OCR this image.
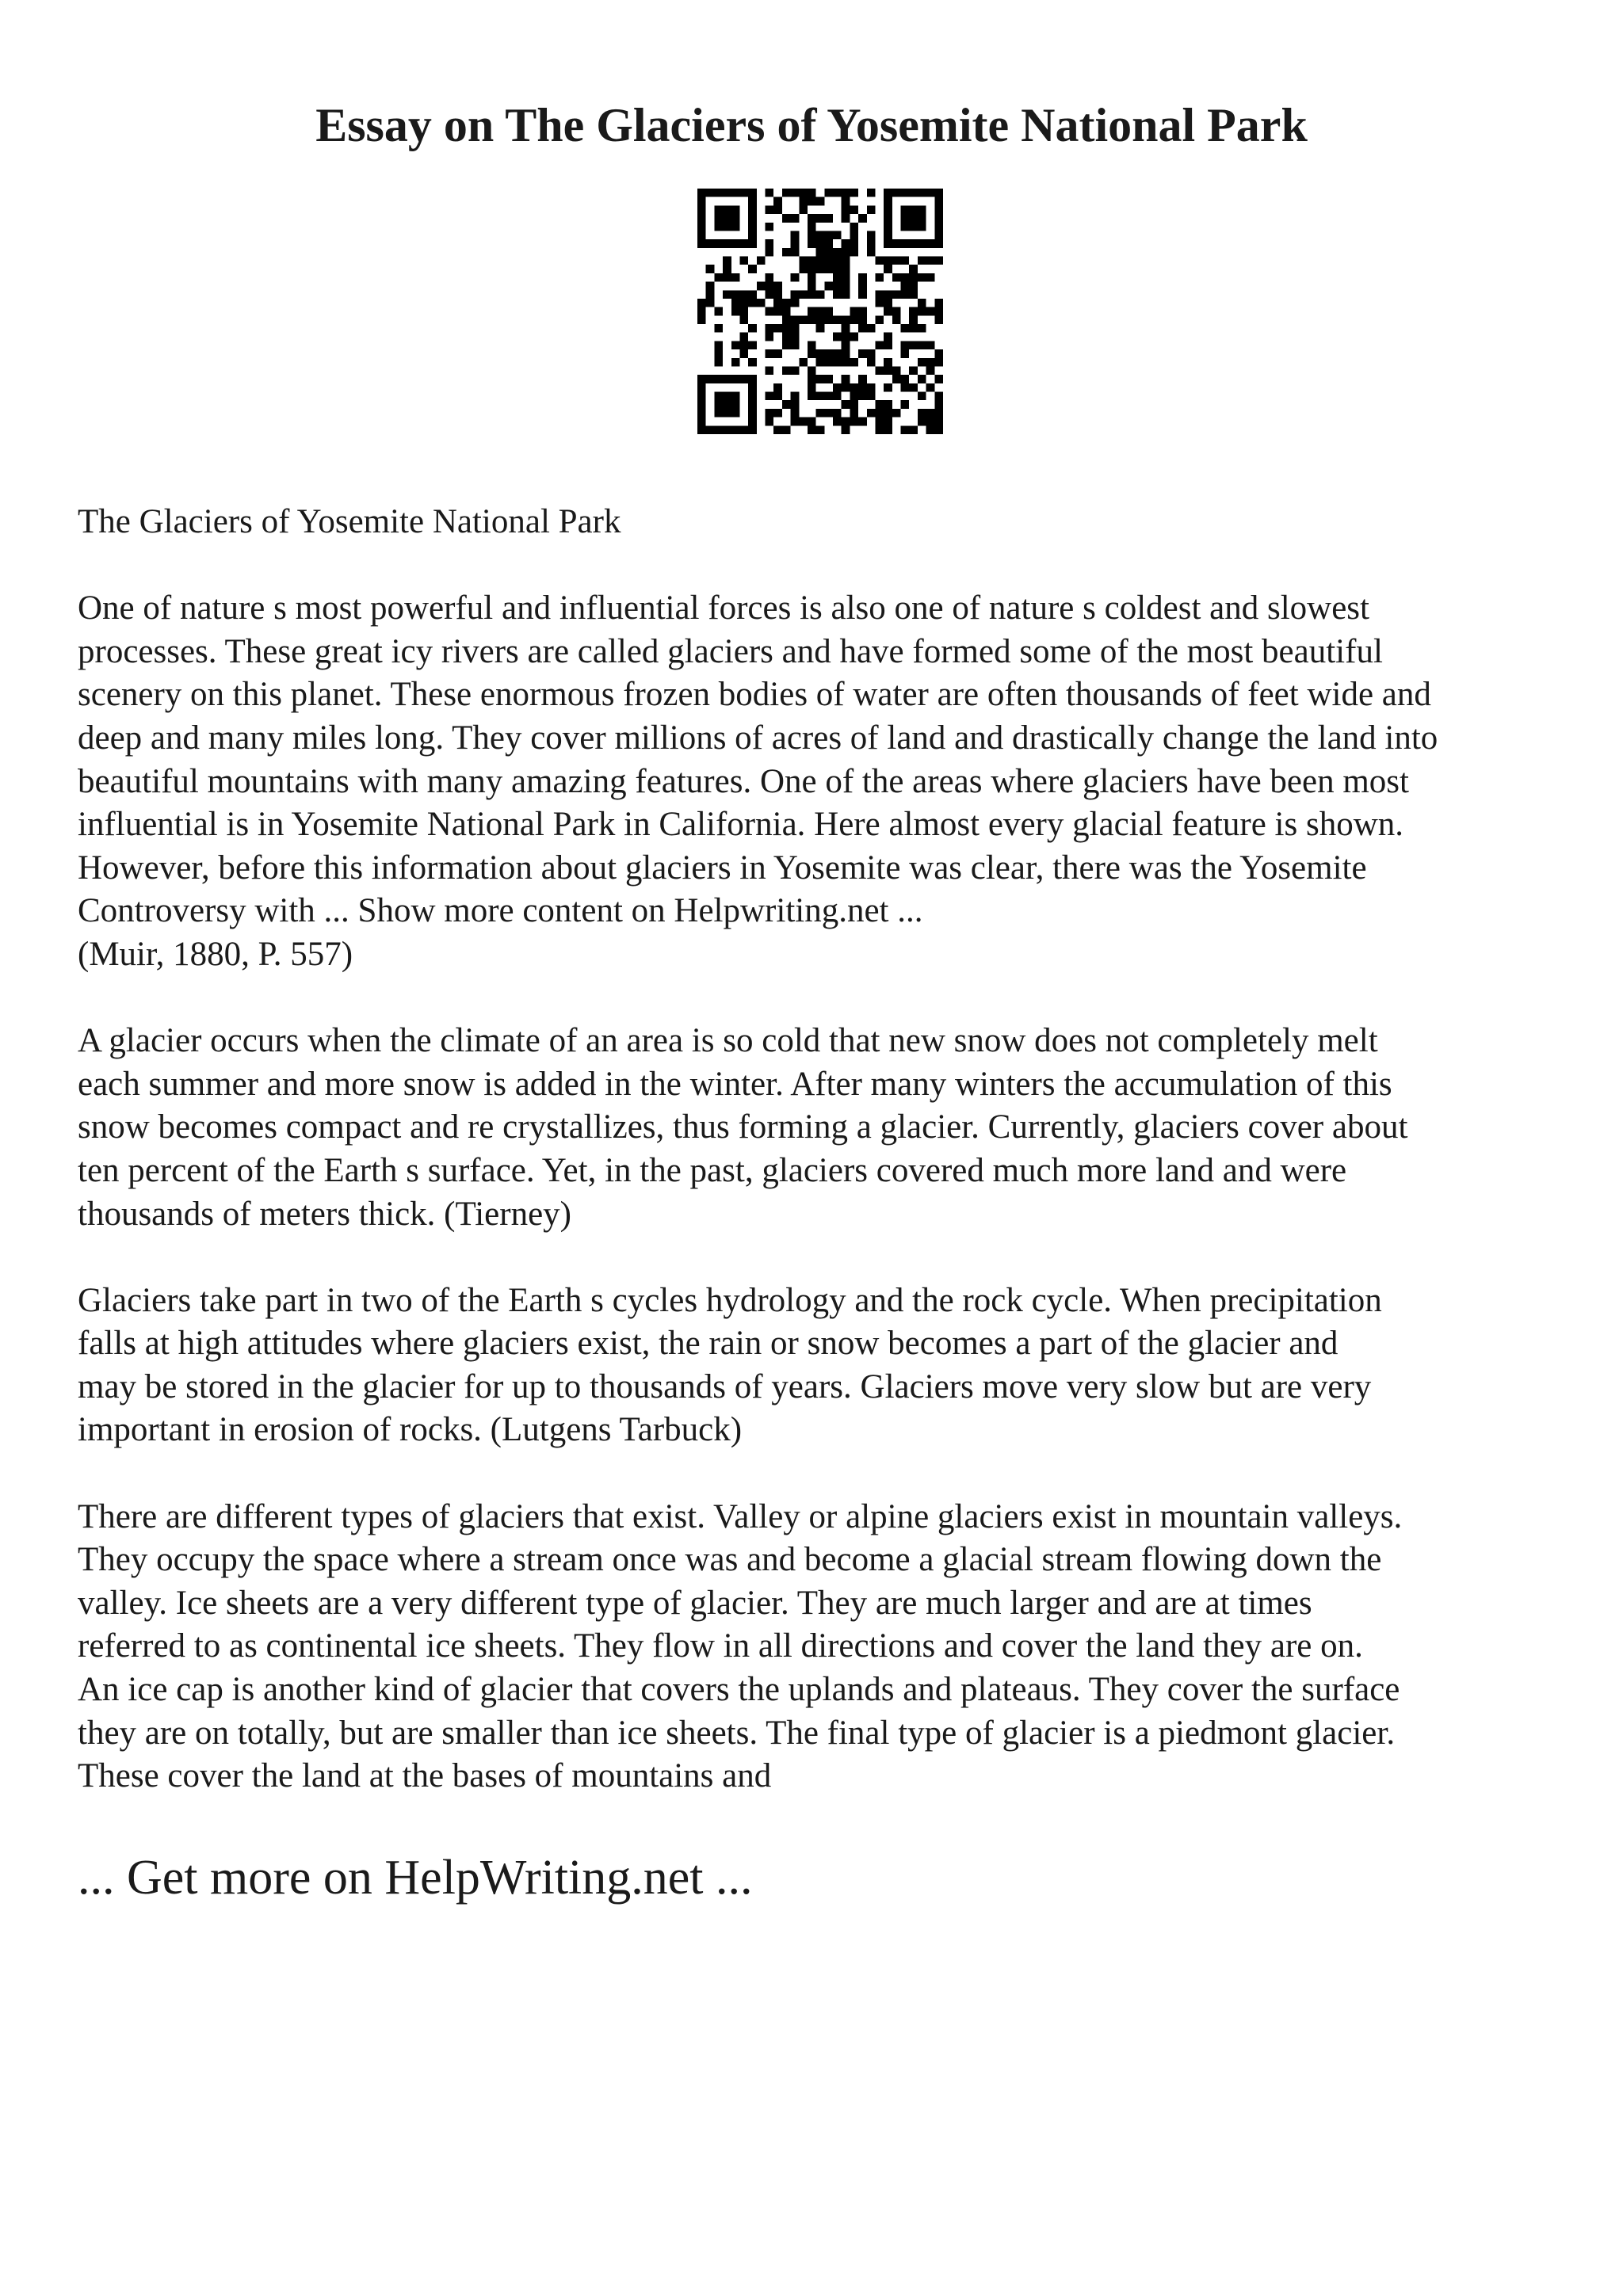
Essay on The Glaciers of Yosemite National Park

The Glaciers of Yosemite National Park

One of nature s most powerful and influential forces is also one of nature s coldest and slowest
processes. These great icy rivers are called glaciers and have formed some of the most beautiful
scenery on this planet. These enormous frozen bodies of water are often thousands of feet wide and
deep and many miles long. They cover millions of acres of land and drastically change the land into
beautiful mountains with many amazing features. One of the areas where glaciers have been most
influential is in Yosemite National Park in California. Here almost every glacial feature is shown.
However, before this information about glaciers in Yosemite was clear, there was the Yosemite
Controversy with ... Show more content on Helpwriting.net ...
(Muir, 1880, P. 557)

A glacier occurs when the climate of an area is so cold that new snow does not completely melt
each summer and more snow is added in the winter. After many winters the accumulation of this
snow becomes compact and re crystallizes, thus forming a glacier. Currently, glaciers cover about
ten percent of the Earth s surface. Yet, in the past, glaciers covered much more land and were
thousands of meters thick. (Tierney)

Glaciers take part in two of the Earth s cycles hydrology and the rock cycle. When precipitation
falls at high attitudes where glaciers exist, the rain or snow becomes a part of the glacier and
may be stored in the glacier for up to thousands of years. Glaciers move very slow but are very
important in erosion of rocks. (Lutgens Tarbuck)

There are different types of glaciers that exist. Valley or alpine glaciers exist in mountain valleys.
They occupy the space where a stream once was and become a glacial stream flowing down the
valley. Ice sheets are a very different type of glacier. They are much larger and are at times
referred to as continental ice sheets. They flow in all directions and cover the land they are on.
An ice cap is another kind of glacier that covers the uplands and plateaus. They cover the surface
they are on totally, but are smaller than ice sheets. The final type of glacier is a piedmont glacier.
These cover the land at the bases of mountains and

... Get more on HelpWriting.net ...
